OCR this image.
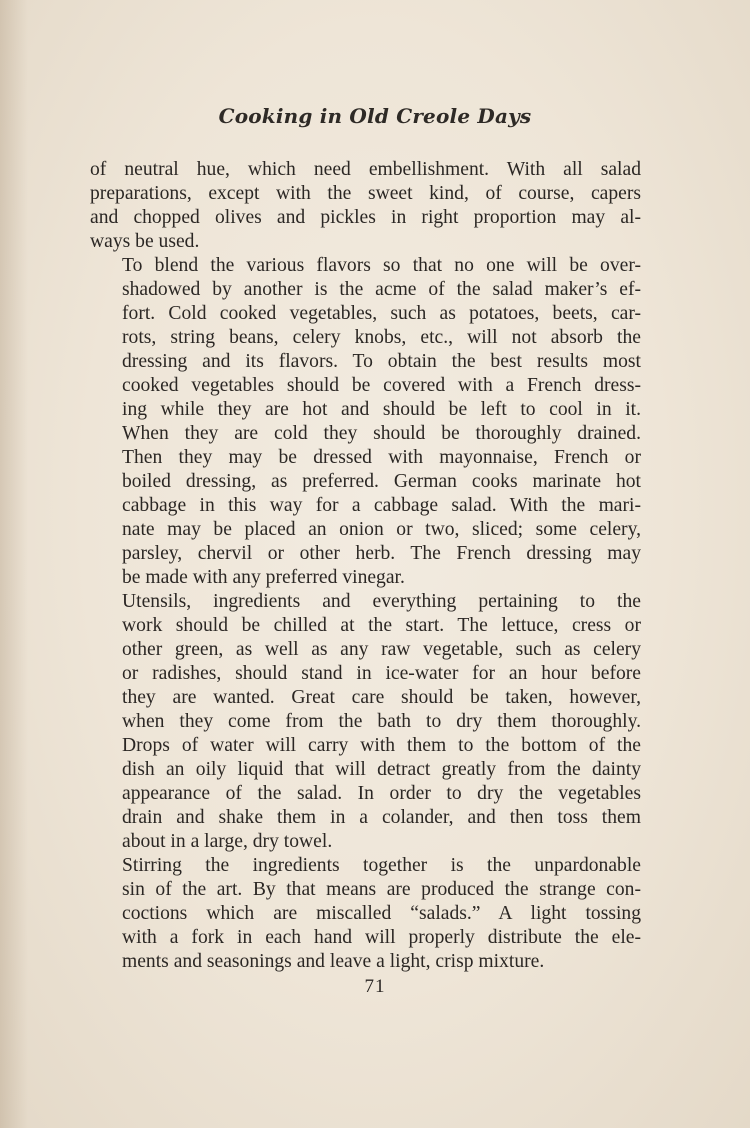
Cooking in Old Creole Days

of neutral hue, which need embellishment. With all salad
preparations, except with the sweet kind, of course, capers
and chopped olives and pickles in right proportion may al-
ways be used.

To blend the various flavors so that no one will be over-
shadowed by another is the acme of the salad maker’s ef-
fort. Cold cooked vegetables, such as potatoes, beets, car-
rots, string beans, celery knobs, etc., will not absorb the
dressing and its flavors. To obtain the best results most
cooked vegetables should be covered with a French dress-
ing while they are hot and should be left to cool in it.
When they are cold they should be thoroughly drained.
Then they may be dressed with mayonnaise, French or
boiled dressing, as preferred. German cooks marinate hot
cabbage in this way for a cabbage salad. With the mari-
nate may be placed an onion or two, sliced; some celery,
parsley, chervil or other herb. The French dressing may
be made with any preferred vinegar.

Utensils, ingredients and everything pertaining to the
work should be chilled at the start. The lettuce, cress or
other green, as well as any raw vegetable, such as celery
or radishes, should stand in ice-water for an hour before
they are wanted. Great care should be taken, however,
when they come from the bath to dry them thoroughly.
Drops of water will carry with them to the bottom of the
dish an oily liquid that will detract greatly from the dainty
appearance of the salad. In order to dry the vegetables
drain and shake them in a colander, and then toss them
about in a large, dry towel.

Stirring the ingredients together is the unpardonable
sin of the art. By that means are produced the strange con-
coctions which are miscalled “salads.” A light tossing
with a fork in each hand will properly distribute the ele-
ments and seasonings and leave a light, crisp mixture.

71
